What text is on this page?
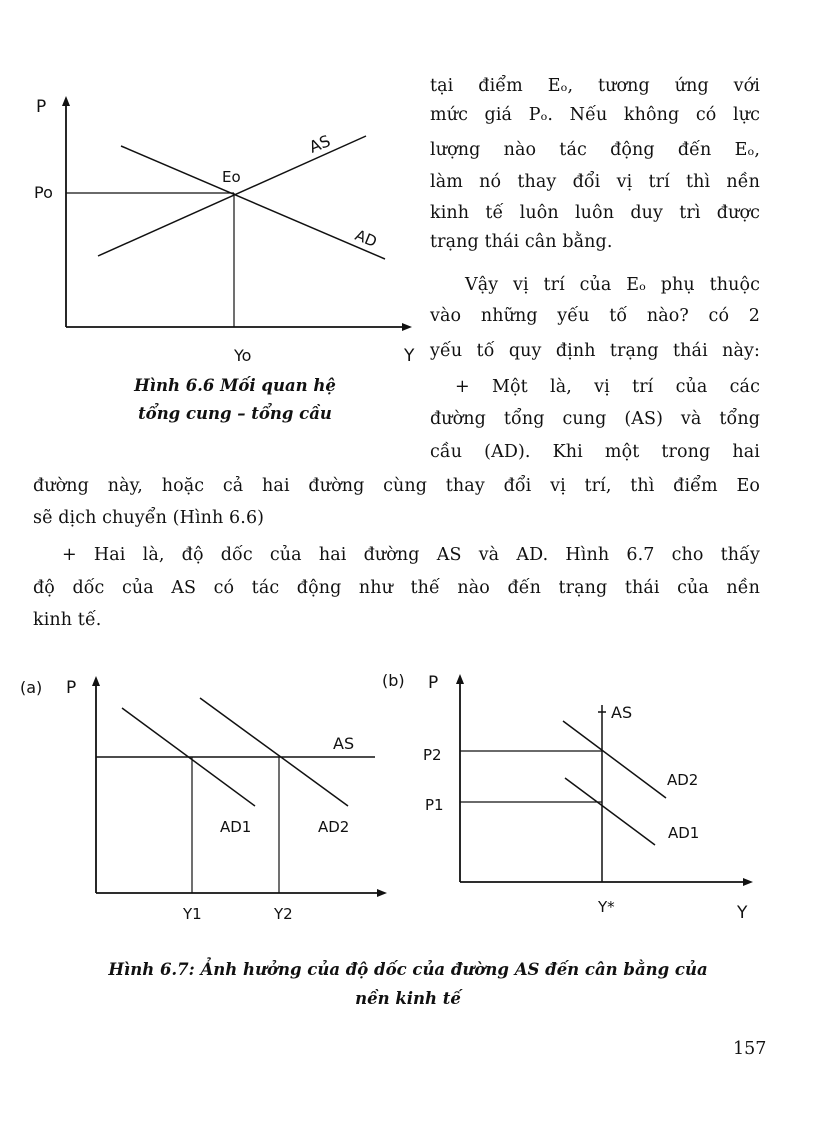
P
Y
Po
Yo
Eo
AS
AD

Hình 6.6 Mối quan hệ

tổng cung – tổng cầu

tại điểm Eₒ, tương ứng với

mức giá Pₒ. Nếu không có lực

lượng nào tác động đến Eₒ,

làm nó thay đổi vị trí thì nền

kinh tế luôn luôn duy trì được

trạng thái cân bằng.

Vậy vị trí của Eₒ phụ thuộc

vào những yếu tố nào? có 2

yếu tố quy định trạng thái này:

+ Một là, vị trí của các

đường tổng cung (AS) và tổng

cầu (AD). Khi một trong hai

đường này, hoặc cả hai đường cùng thay đổi vị trí, thì điểm Eo

sẽ dịch chuyển (Hình 6.6)

+ Hai là, độ dốc của hai đường AS và AD. Hình 6.7 cho thấy

độ dốc của AS có tác động như thế nào đến trạng thái của nền

kinh tế.

(a) P
AS
AD1	AD2
Y1	Y2
(b) P
AS
AD2
AD1
P2
P1
Y*	Y

Hình 6.7: Ảnh hưởng của độ dốc của đường AS đến cân bằng của

nền kinh tế

157
